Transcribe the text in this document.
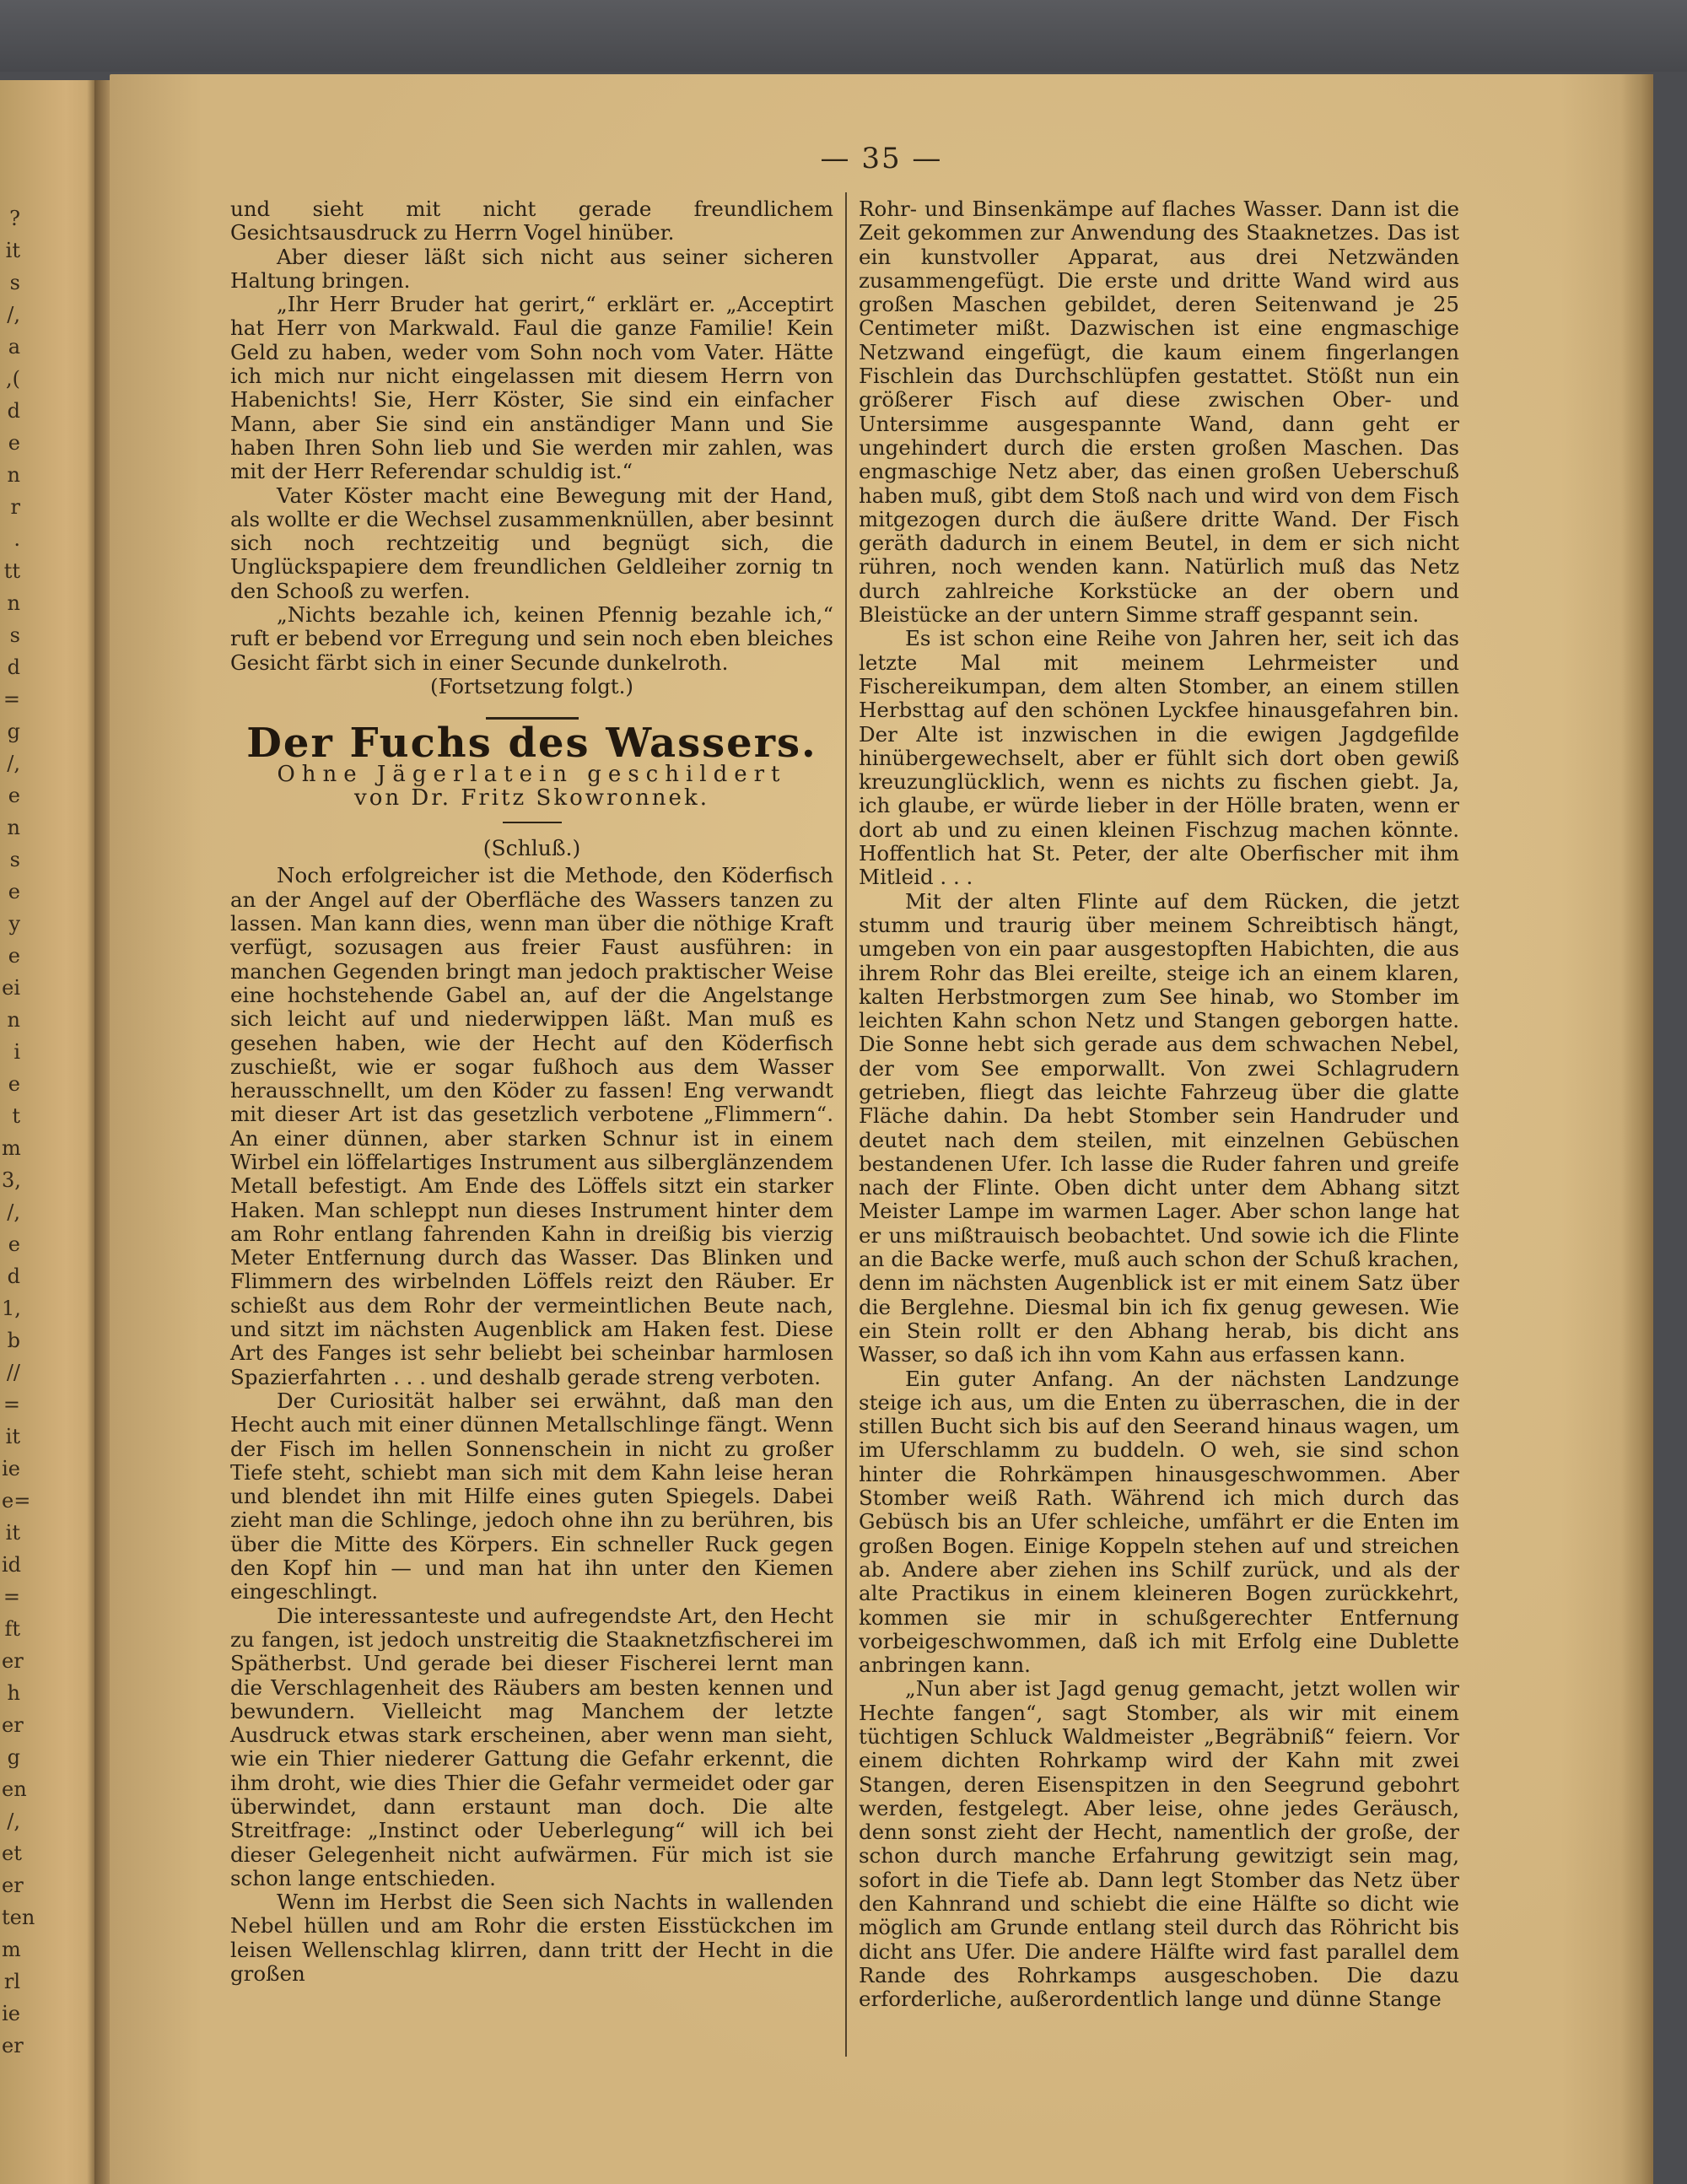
?
it
s
/,
a
,(
d
e
n
r
.
tt
n
s
d
=
g
/,
e
n
s
e
y
e
ei
n
i
e
t
m
3,
/,
e
d
1,
b
//
=
it
ie
e=
it
id
=
ft
er
h
er
g
en
/,
et
er
ten
m
rl
ie
er
— 35 —

und sieht mit nicht gerade freundlichem Gesichtsausdruck zu Herrn Vogel hinüber.

Aber dieser läßt sich nicht aus seiner sicheren Haltung bringen.

„Ihr Herr Bruder hat gerirt,“ erklärt er. „Acceptirt hat Herr von Markwald. Faul die ganze Familie! Kein Geld zu haben, weder vom Sohn noch vom Vater. Hätte ich mich nur nicht eingelassen mit diesem Herrn von Habenichts! Sie, Herr Köster, Sie sind ein einfacher Mann, aber Sie sind ein anständiger Mann und Sie haben Ihren Sohn lieb und Sie werden mir zahlen, was mit der Herr Referendar schuldig ist.“

Vater Köster macht eine Bewegung mit der Hand, als wollte er die Wechsel zusammenknüllen, aber besinnt sich noch rechtzeitig und begnügt sich, die Unglückspapiere dem freundlichen Geldleiher zornig tn den Schooß zu werfen.

„Nichts bezahle ich, keinen Pfennig bezahle ich,“ ruft er bebend vor Erregung und sein noch eben bleiches Gesicht färbt sich in einer Secunde dunkelroth.

(Fortsetzung folgt.)
Der Fuchs des Wassers.
Ohne Jägerlatein geschildert
von Dr. Fritz Skowronnek.
(Schluß.)

Noch erfolgreicher ist die Methode, den Köderfisch an der Angel auf der Oberfläche des Wassers tanzen zu lassen. Man kann dies, wenn man über die nöthige Kraft verfügt, sozusagen aus freier Faust ausführen: in manchen Gegenden bringt man jedoch praktischer Weise eine hochstehende Gabel an, auf der die Angelstange sich leicht auf und niederwippen läßt. Man muß es gesehen haben, wie der Hecht auf den Köderfisch zuschießt, wie er sogar fußhoch aus dem Wasser herausschnellt, um den Köder zu fassen! Eng verwandt mit dieser Art ist das gesetzlich verbotene „Flimmern“. An einer dünnen, aber starken Schnur ist in einem Wirbel ein löffelartiges Instrument aus silberglänzendem Metall befestigt. Am Ende des Löffels sitzt ein starker Haken. Man schleppt nun dieses Instrument hinter dem am Rohr entlang fahrenden Kahn in dreißig bis vierzig Meter Entfernung durch das Wasser. Das Blinken und Flimmern des wirbelnden Löffels reizt den Räuber. Er schießt aus dem Rohr der vermeintlichen Beute nach, und sitzt im nächsten Augenblick am Haken fest. Diese Art des Fanges ist sehr beliebt bei scheinbar harmlosen Spazierfahrten . . . und deshalb gerade streng verboten.

Der Curiosität halber sei erwähnt, daß man den Hecht auch mit einer dünnen Metallschlinge fängt. Wenn der Fisch im hellen Sonnenschein in nicht zu großer Tiefe steht, schiebt man sich mit dem Kahn leise heran und blendet ihn mit Hilfe eines guten Spiegels. Dabei zieht man die Schlinge, jedoch ohne ihn zu berühren, bis über die Mitte des Körpers. Ein schneller Ruck gegen den Kopf hin — und man hat ihn unter den Kiemen eingeschlingt.

Die interessanteste und aufregendste Art, den Hecht zu fangen, ist jedoch unstreitig die Staaknetzfischerei im Spätherbst. Und gerade bei dieser Fischerei lernt man die Verschlagenheit des Räubers am besten kennen und bewundern. Vielleicht mag Manchem der letzte Ausdruck etwas stark erscheinen, aber wenn man sieht, wie ein Thier niederer Gattung die Gefahr erkennt, die ihm droht, wie dies Thier die Gefahr vermeidet oder gar überwindet, dann erstaunt man doch. Die alte Streitfrage: „Instinct oder Ueberlegung“ will ich bei dieser Gelegenheit nicht aufwärmen. Für mich ist sie schon lange entschieden.

Wenn im Herbst die Seen sich Nachts in wallenden Nebel hüllen und am Rohr die ersten Eisstückchen im leisen Wellenschlag klirren, dann tritt der Hecht in die großen

Rohr- und Binsenkämpe auf flaches Wasser. Dann ist die Zeit gekommen zur Anwendung des Staaknetzes. Das ist ein kunstvoller Apparat, aus drei Netzwänden zusammengefügt. Die erste und dritte Wand wird aus großen Maschen gebildet, deren Seitenwand je 25 Centimeter mißt. Dazwischen ist eine engmaschige Netzwand eingefügt, die kaum einem fingerlangen Fischlein das Durchschlüpfen gestattet. Stößt nun ein größerer Fisch auf diese zwischen Ober- und Untersimme ausgespannte Wand, dann geht er ungehindert durch die ersten großen Maschen. Das engmaschige Netz aber, das einen großen Ueberschuß haben muß, gibt dem Stoß nach und wird von dem Fisch mitgezogen durch die äußere dritte Wand. Der Fisch geräth dadurch in einem Beutel, in dem er sich nicht rühren, noch wenden kann. Natürlich muß das Netz durch zahlreiche Korkstücke an der obern und Bleistücke an der untern Simme straff gespannt sein.

Es ist schon eine Reihe von Jahren her, seit ich das letzte Mal mit meinem Lehrmeister und Fischereikumpan, dem alten Stomber, an einem stillen Herbsttag auf den schönen Lyckfee hinausgefahren bin. Der Alte ist inzwischen in die ewigen Jagdgefilde hinübergewechselt, aber er fühlt sich dort oben gewiß kreuzunglücklich, wenn es nichts zu fischen giebt. Ja, ich glaube, er würde lieber in der Hölle braten, wenn er dort ab und zu einen kleinen Fischzug machen könnte. Hoffentlich hat St. Peter, der alte Oberfischer mit ihm Mitleid . . .

Mit der alten Flinte auf dem Rücken, die jetzt stumm und traurig über meinem Schreibtisch hängt, umgeben von ein paar ausgestopften Habichten, die aus ihrem Rohr das Blei ereilte, steige ich an einem klaren, kalten Herbstmorgen zum See hinab, wo Stomber im leichten Kahn schon Netz und Stangen geborgen hatte. Die Sonne hebt sich gerade aus dem schwachen Nebel, der vom See emporwallt. Von zwei Schlagrudern getrieben, fliegt das leichte Fahrzeug über die glatte Fläche dahin. Da hebt Stomber sein Handruder und deutet nach dem steilen, mit einzelnen Gebüschen bestandenen Ufer. Ich lasse die Ruder fahren und greife nach der Flinte. Oben dicht unter dem Abhang sitzt Meister Lampe im warmen Lager. Aber schon lange hat er uns mißtrauisch beobachtet. Und sowie ich die Flinte an die Backe werfe, muß auch schon der Schuß krachen, denn im nächsten Augenblick ist er mit einem Satz über die Berglehne. Diesmal bin ich fix genug gewesen. Wie ein Stein rollt er den Abhang herab, bis dicht ans Wasser, so daß ich ihn vom Kahn aus erfassen kann.

Ein guter Anfang. An der nächsten Landzunge steige ich aus, um die Enten zu überraschen, die in der stillen Bucht sich bis auf den Seerand hinaus wagen, um im Uferschlamm zu buddeln. O weh, sie sind schon hinter die Rohrkämpen hinausgeschwommen. Aber Stomber weiß Rath. Während ich mich durch das Gebüsch bis an Ufer schleiche, umfährt er die Enten im großen Bogen. Einige Koppeln stehen auf und streichen ab. Andere aber ziehen ins Schilf zurück, und als der alte Practikus in einem kleineren Bogen zurückkehrt, kommen sie mir in schußgerechter Entfernung vorbeigeschwommen, daß ich mit Erfolg eine Dublette anbringen kann.

„Nun aber ist Jagd genug gemacht, jetzt wollen wir Hechte fangen“, sagt Stomber, als wir mit einem tüchtigen Schluck Waldmeister „Begräbniß“ feiern. Vor einem dichten Rohrkamp wird der Kahn mit zwei Stangen, deren Eisenspitzen in den Seegrund gebohrt werden, festgelegt. Aber leise, ohne jedes Geräusch, denn sonst zieht der Hecht, namentlich der große, der schon durch manche Erfahrung gewitzigt sein mag, sofort in die Tiefe ab. Dann legt Stomber das Netz über den Kahnrand und schiebt die eine Hälfte so dicht wie möglich am Grunde entlang steil durch das Röhricht bis dicht ans Ufer. Die andere Hälfte wird fast parallel dem Rande des Rohrkamps ausgeschoben. Die dazu erforderliche, außerordentlich lange und dünne Stange
